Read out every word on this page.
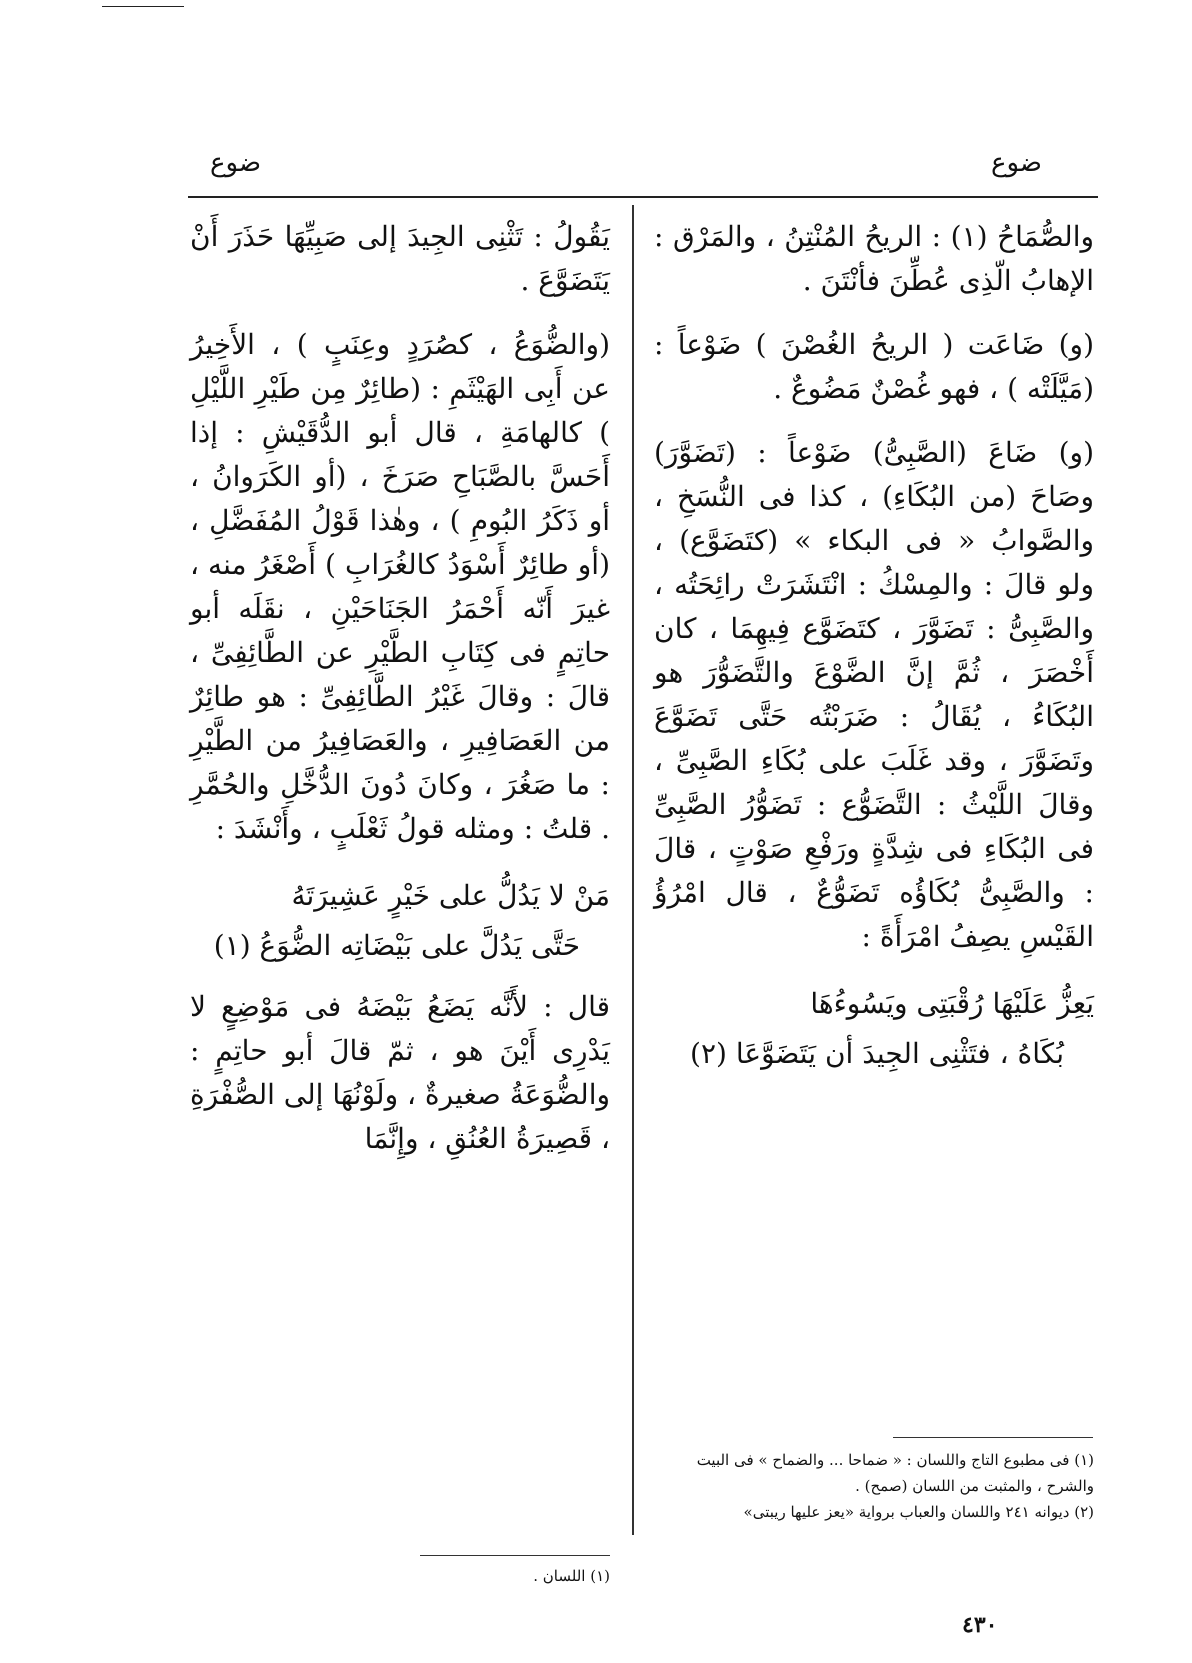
ضوع
ضوع

والصُّمَاحُ (١) : الريحُ المُنْتِنُ ، والمَرْق : الإهابُ الّذِى عُطِّنَ فأنْتَنَ .

(و) ضَاعَت ( الريحُ الغُصْنَ ) ضَوْعاً : (مَيَّلَتْه ) ، فهو غُصْنٌ مَضُوعٌ .

(و) ضَاعَ (الصَّبِىُّ) ضَوْعاً : (تَضَوَّرَ) وصَاحَ (من البُكَاءِ) ، كذا فى النُّسَخِ ، والصَّوابُ « فى البكاء » (كتَضَوَّع) ، ولو قالَ : والمِسْكُ : انْتَشَرَتْ رائِحَتُه ، والصَّبِىُّ : تَضَوَّرَ ، كتَضَوَّع فِيهِمَا ، كان أَخْصَرَ ، ثُمَّ إنَّ الضَّوْعَ والتَّضَوُّرَ هو البُكَاءُ ، يُقَالُ : ضَرَبْتُه حَتَّى تَضَوَّعَ وتَضَوَّرَ ، وقد غَلَبَ على بُكَاءِ الصَّبِىِّ ، وقالَ اللَّيْثُ : التَّضَوُّع : تَضَوُّرُ الصَّبِىِّ فى البُكَاءِ فى شِدَّةٍ ورَفْعِ صَوْتٍ ، قالَ : والصَّبِىُّ بُكَاؤُه تَضَوُّعٌ ، قال امْرُؤُ القَيْسِ يصِفُ امْرَأَةً :

يَعِزُّ عَلَيْهَا رُقْبَتِى ويَسُوءُهَا
بُكَاهُ ، فتَثْنِى الجِيدَ أن يَتَضَوَّعَا (٢)

يَقُولُ : تَثْنِى الجِيدَ إلى صَبِيِّهَا حَذَرَ أَنْ يَتَضَوَّعَ .

(والضُّوَعُ ، كصُرَدٍ وعِنَبٍ ) ، الأَخِيرُ عن أَبِى الهَيْثَمِ : (طائِرٌ مِن طَيْرِ اللَّيْلِ ) كالهامَةِ ، قال أبو الدُّقَيْشِ : إذا أَحَسَّ بالصَّبَاحِ صَرَخَ ، (أو الكَرَوانُ ، أو ذَكَرُ البُومِ ) ، وهٰذا قَوْلُ المُفَضَّلِ ، (أو طائِرٌ أَسْوَدُ كالغُرَابِ ) أَصْغَرُ منه ، غيرَ أَنّه أَحْمَرُ الجَنَاحَيْنِ ، نقَلَه أبو حاتِمٍ فى كِتَابِ الطَّيْرِ عن الطَّائِفِىِّ ، قالَ : وقالَ غَيْرُ الطَّائِفِىِّ : هو طائِرٌ من العَصَافِيرِ ، والعَصَافِيرُ من الطَّيْرِ : ما صَغُرَ ، وكانَ دُونَ الدُّخَّلِ والحُمَّرِ . قلتُ : ومثله قولُ ثَعْلَبٍ ، وأَنْشَدَ :

مَنْ لا يَدُلُّ على خَيْرٍ عَشِيرَتَهُ
حَتَّى يَدُلَّ على بَيْضَاتِه الضُّوَعُ (١)

قال : لأَنَّه يَضَعُ بَيْضَهُ فى مَوْضِعٍ لا يَدْرِى أَيْنَ هو ، ثمّ قالَ أبو حاتِمٍ : والضُّوَعَةُ صغيرةٌ ، ولَوْنُهَا إلى الصُّفْرَةِ ، قَصِيرَةُ العُنُقِ ، وإِنَّمَا

(١) فى مطبوع التاج واللسان : « ضماحا ... والضماح » فى البيت والشرح ، والمثبت من اللسان (صمح) .
(٢) ديوانه ٢٤١ واللسان والعباب برواية «يعز عليها ريبتى»
(١) اللسان .
٤٣٠
